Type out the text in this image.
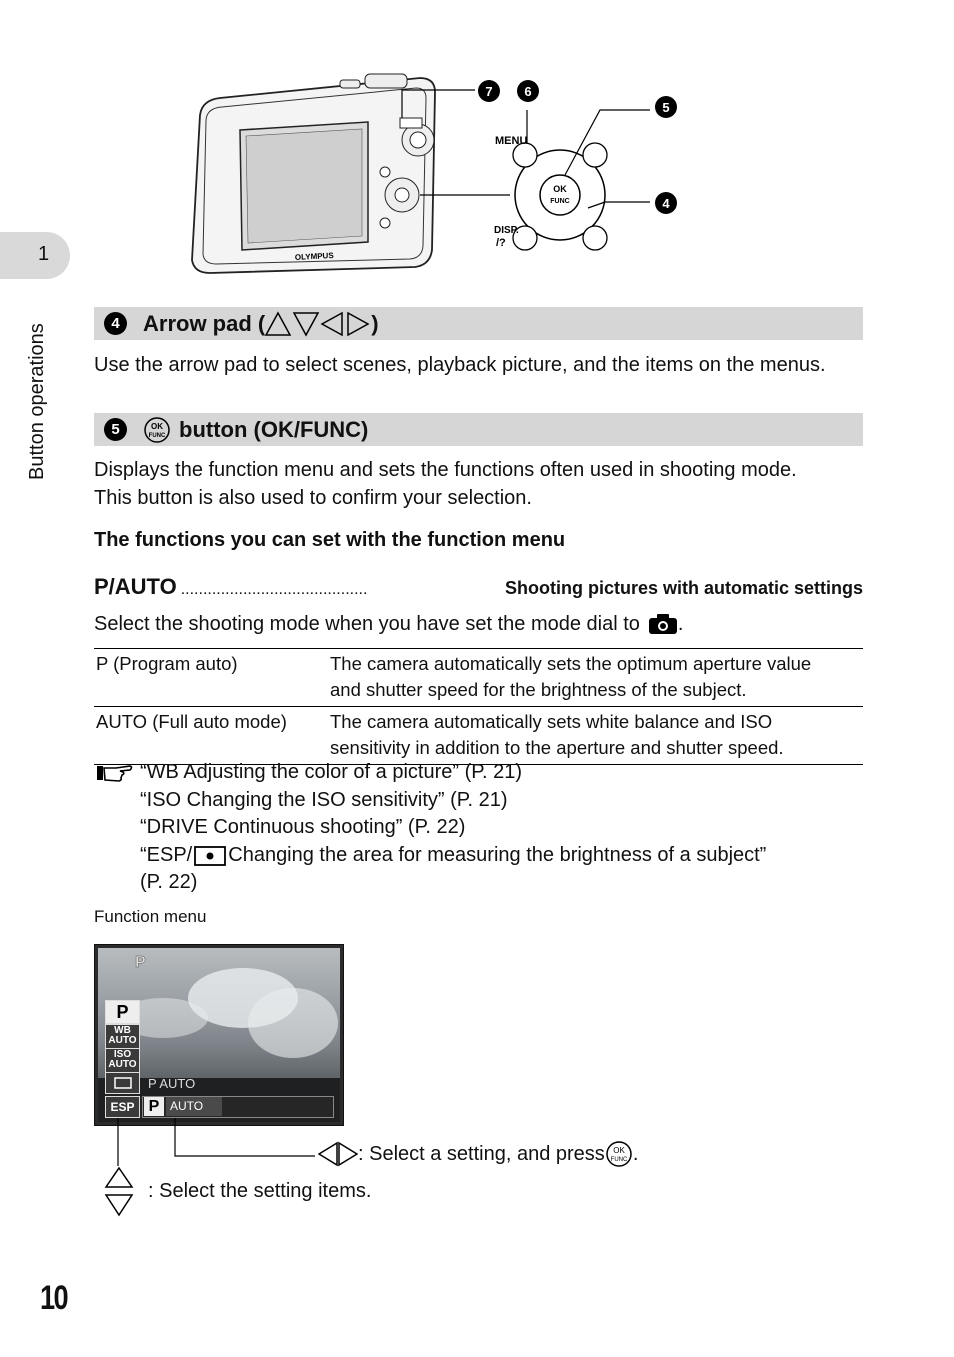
1
Button operations
OLYMPUS
OK
FUNC
MENU
DISP.
/?
7 6
5
4
4	Arrow pad (	)
Use the arrow pad to select scenes, playback picture, and the items on the menus.
5	OK
FUNC button (OK/FUNC)
Displays the function menu and sets the functions often used in shooting mode.
This button is also used to confirm your selection.
The functions you can set with the function menu
P/AUTO ..........................................	Shooting pictures with automatic settings
Select the shooting mode when you have set the mode dial to .
P (Program auto)	The camera automatically sets the optimum aperture value
and shutter speed for the brightness of the subject.

AUTO (Full auto mode)	The camera automatically sets white balance and ISO
sensitivity in addition to the aperture and shutter speed.
“WB Adjusting the color of a picture” (P. 21)
“ISO Changing the ISO sensitivity” (P. 21)
“DRIVE Continuous shooting” (P. 22)
“ESP/ Changing the area for measuring the brightness of a subject”
(P. 22)
Function menu
P
P
WB AUTO
ISO AUTO
ESP
P AUTO
P AUTO
: Select a setting, and press OK
FUNC .
: Select the setting items.
10
